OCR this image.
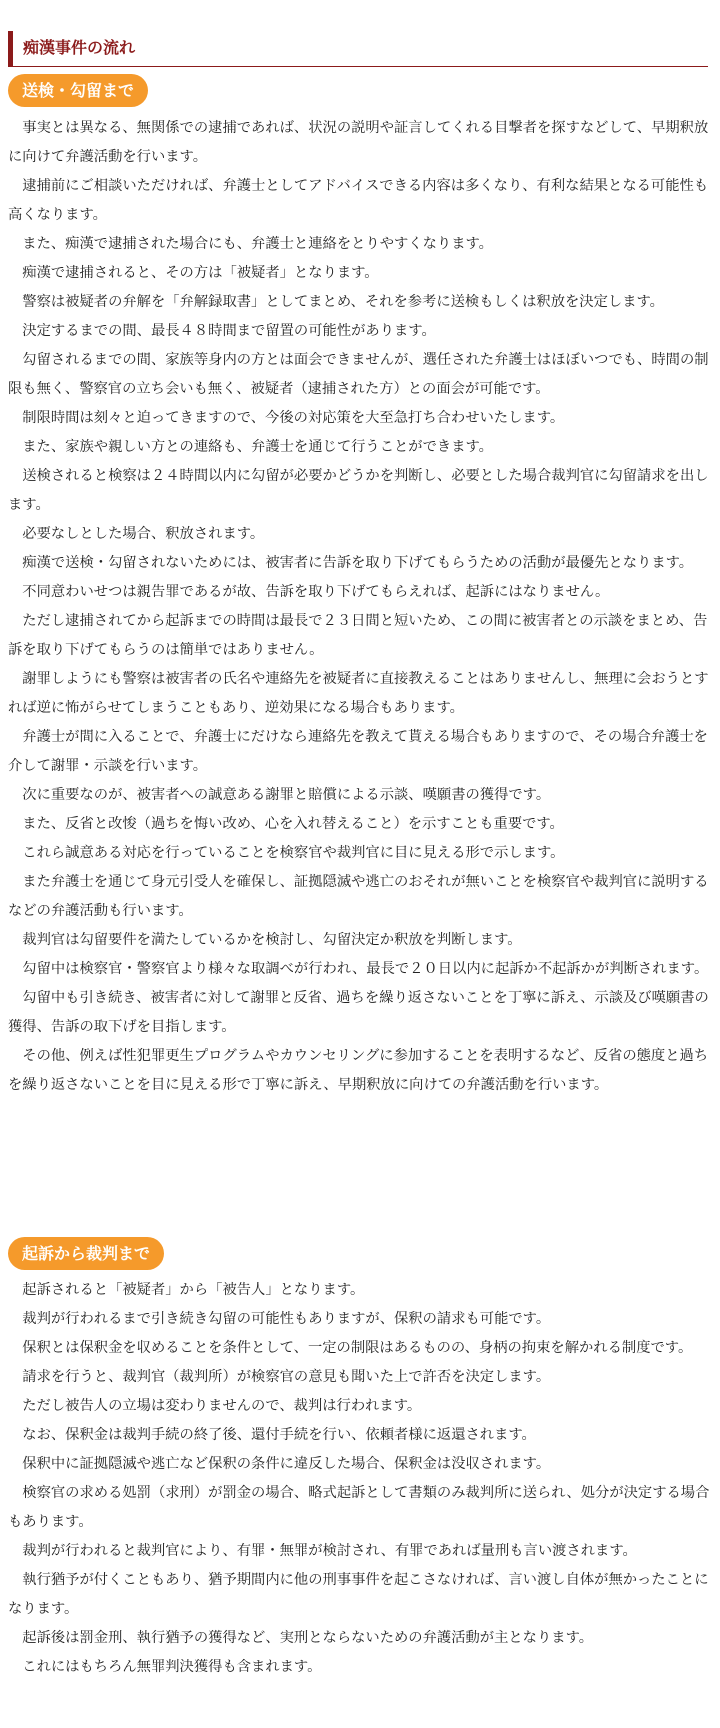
痴漢事件の流れ
送検・勾留まで

事実とは異なる、無関係での逮捕であれば、状況の説明や証言してくれる目撃者を探すなどして、早期釈放に向けて弁護活動を行います。

逮捕前にご相談いただければ、弁護士としてアドバイスできる内容は多くなり、有利な結果となる可能性も高くなります。

また、痴漢で逮捕された場合にも、弁護士と連絡をとりやすくなります。

痴漢で逮捕されると、その方は「被疑者」となります。

警察は被疑者の弁解を「弁解録取書」としてまとめ、それを参考に送検もしくは釈放を決定します。

決定するまでの間、最長４８時間まで留置の可能性があります。

勾留されるまでの間、家族等身内の方とは面会できませんが、選任された弁護士はほぼいつでも、時間の制限も無く、警察官の立ち会いも無く、被疑者（逮捕された方）との面会が可能です。

制限時間は刻々と迫ってきますので、今後の対応策を大至急打ち合わせいたします。

また、家族や親しい方との連絡も、弁護士を通じて行うことができます。

送検されると検察は２４時間以内に勾留が必要かどうかを判断し、必要とした場合裁判官に勾留請求を出します。

必要なしとした場合、釈放されます。

痴漢で送検・勾留されないためには、被害者に告訴を取り下げてもらうための活動が最優先となります。

不同意わいせつは親告罪であるが故、告訴を取り下げてもらえれば、起訴にはなりません。

ただし逮捕されてから起訴までの時間は最長で２３日間と短いため、この間に被害者との示談をまとめ、告訴を取り下げてもらうのは簡単ではありません。

謝罪しようにも警察は被害者の氏名や連絡先を被疑者に直接教えることはありませんし、無理に会おうとすれば逆に怖がらせてしまうこともあり、逆効果になる場合もあります。

弁護士が間に入ることで、弁護士にだけなら連絡先を教えて貰える場合もありますので、その場合弁護士を介して謝罪・示談を行います。

次に重要なのが、被害者への誠意ある謝罪と賠償による示談、嘆願書の獲得です。

また、反省と改悛（過ちを悔い改め、心を入れ替えること）を示すことも重要です。

これら誠意ある対応を行っていることを検察官や裁判官に目に見える形で示します。

また弁護士を通じて身元引受人を確保し、証拠隠滅や逃亡のおそれが無いことを検察官や裁判官に説明するなどの弁護活動も行います。

裁判官は勾留要件を満たしているかを検討し、勾留決定か釈放を判断します。

勾留中は検察官・警察官より様々な取調べが行われ、最長で２０日以内に起訴か不起訴かが判断されます。

勾留中も引き続き、被害者に対して謝罪と反省、過ちを繰り返さないことを丁寧に訴え、示談及び嘆願書の獲得、告訴の取下げを目指します。

その他、例えば性犯罪更生プログラムやカウンセリングに参加することを表明するなど、反省の態度と過ちを繰り返さないことを目に見える形で丁寧に訴え、早期釈放に向けての弁護活動を行います。

起訴から裁判まで

起訴されると「被疑者」から「被告人」となります。

裁判が行われるまで引き続き勾留の可能性もありますが、保釈の請求も可能です。

保釈とは保釈金を収めることを条件として、一定の制限はあるものの、身柄の拘束を解かれる制度です。

請求を行うと、裁判官（裁判所）が検察官の意見も聞いた上で許否を決定します。

ただし被告人の立場は変わりませんので、裁判は行われます。

なお、保釈金は裁判手続の終了後、還付手続を行い、依頼者様に返還されます。

保釈中に証拠隠滅や逃亡など保釈の条件に違反した場合、保釈金は没収されます。

検察官の求める処罰（求刑）が罰金の場合、略式起訴として書類のみ裁判所に送られ、処分が決定する場合もあります。

裁判が行われると裁判官により、有罪・無罪が検討され、有罪であれば量刑も言い渡されます。

執行猶予が付くこともあり、猶予期間内に他の刑事事件を起こさなければ、言い渡し自体が無かったことになります。

起訴後は罰金刑、執行猶予の獲得など、実刑とならないための弁護活動が主となります。

これにはもちろん無罪判決獲得も含まれます。
